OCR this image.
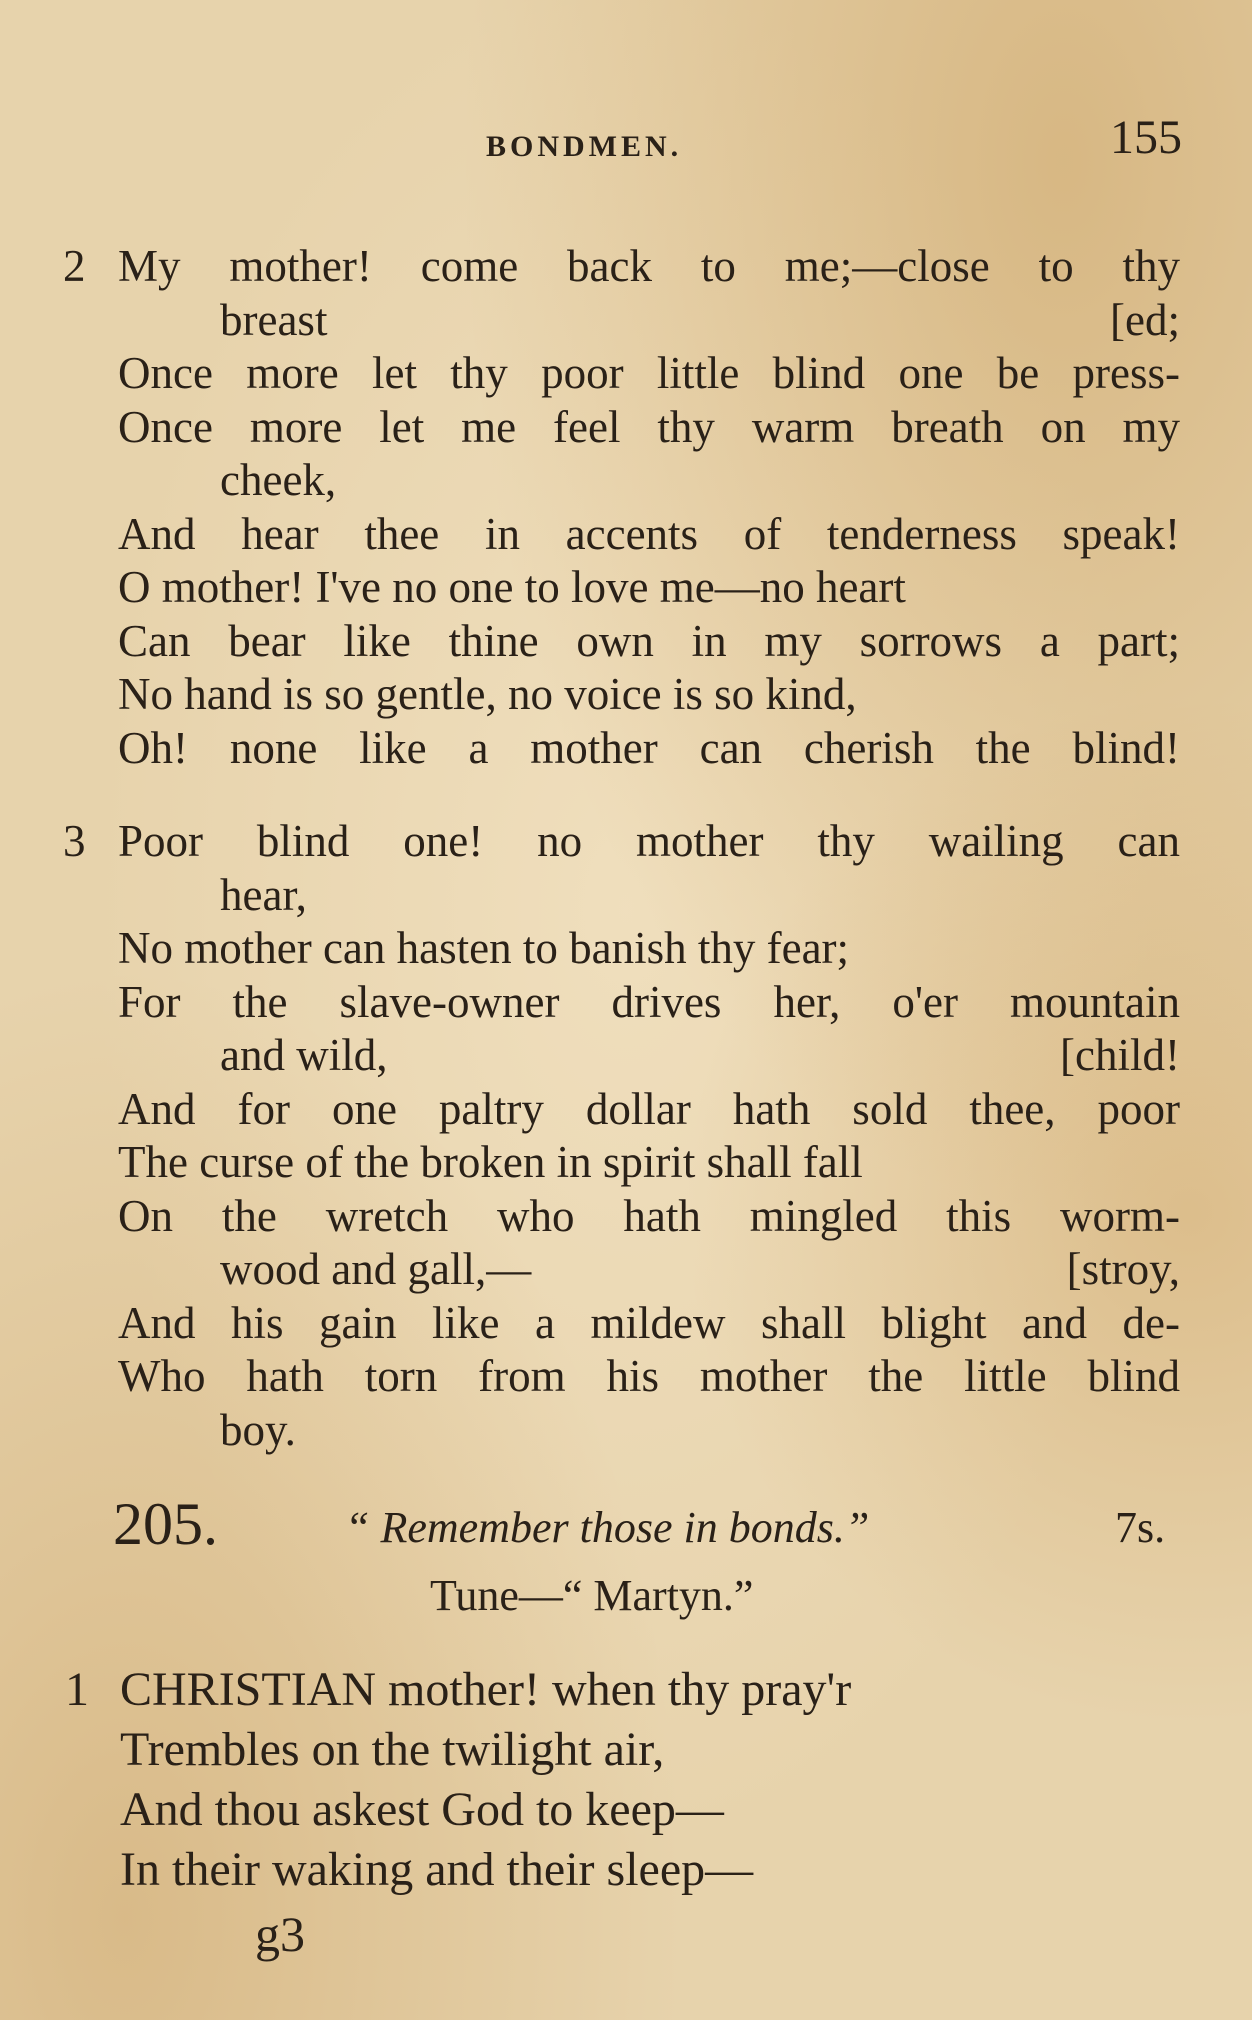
BONDMEN.	155
2 My mother! come back to me;—close to thy
breast	[ed;
Once more let thy poor little blind one be press-
Once more let me feel thy warm breath on my
cheek,
And hear thee in accents of tenderness speak!
O mother! I've no one to love me—no heart
Can bear like thine own in my sorrows a part;
No hand is so gentle, no voice is so kind,
Oh! none like a mother can cherish the blind!
3 Poor blind one! no mother thy wailing can
hear,
No mother can hasten to banish thy fear;
For the slave-owner drives her, o'er mountain
and wild,	[child!
And for one paltry dollar hath sold thee, poor
The curse of the broken in spirit shall fall
On the wretch who hath mingled this worm-
wood and gall,—	[stroy,
And his gain like a mildew shall blight and de-
Who hath torn from his mother the little blind
boy.
205.	“ Remember those in bonds.”	7s.
Tune—“ Martyn.”
1 CHRISTIAN mother! when thy pray'r
Trembles on the twilight air,
And thou askest God to keep—
In their waking and their sleep—
g3
